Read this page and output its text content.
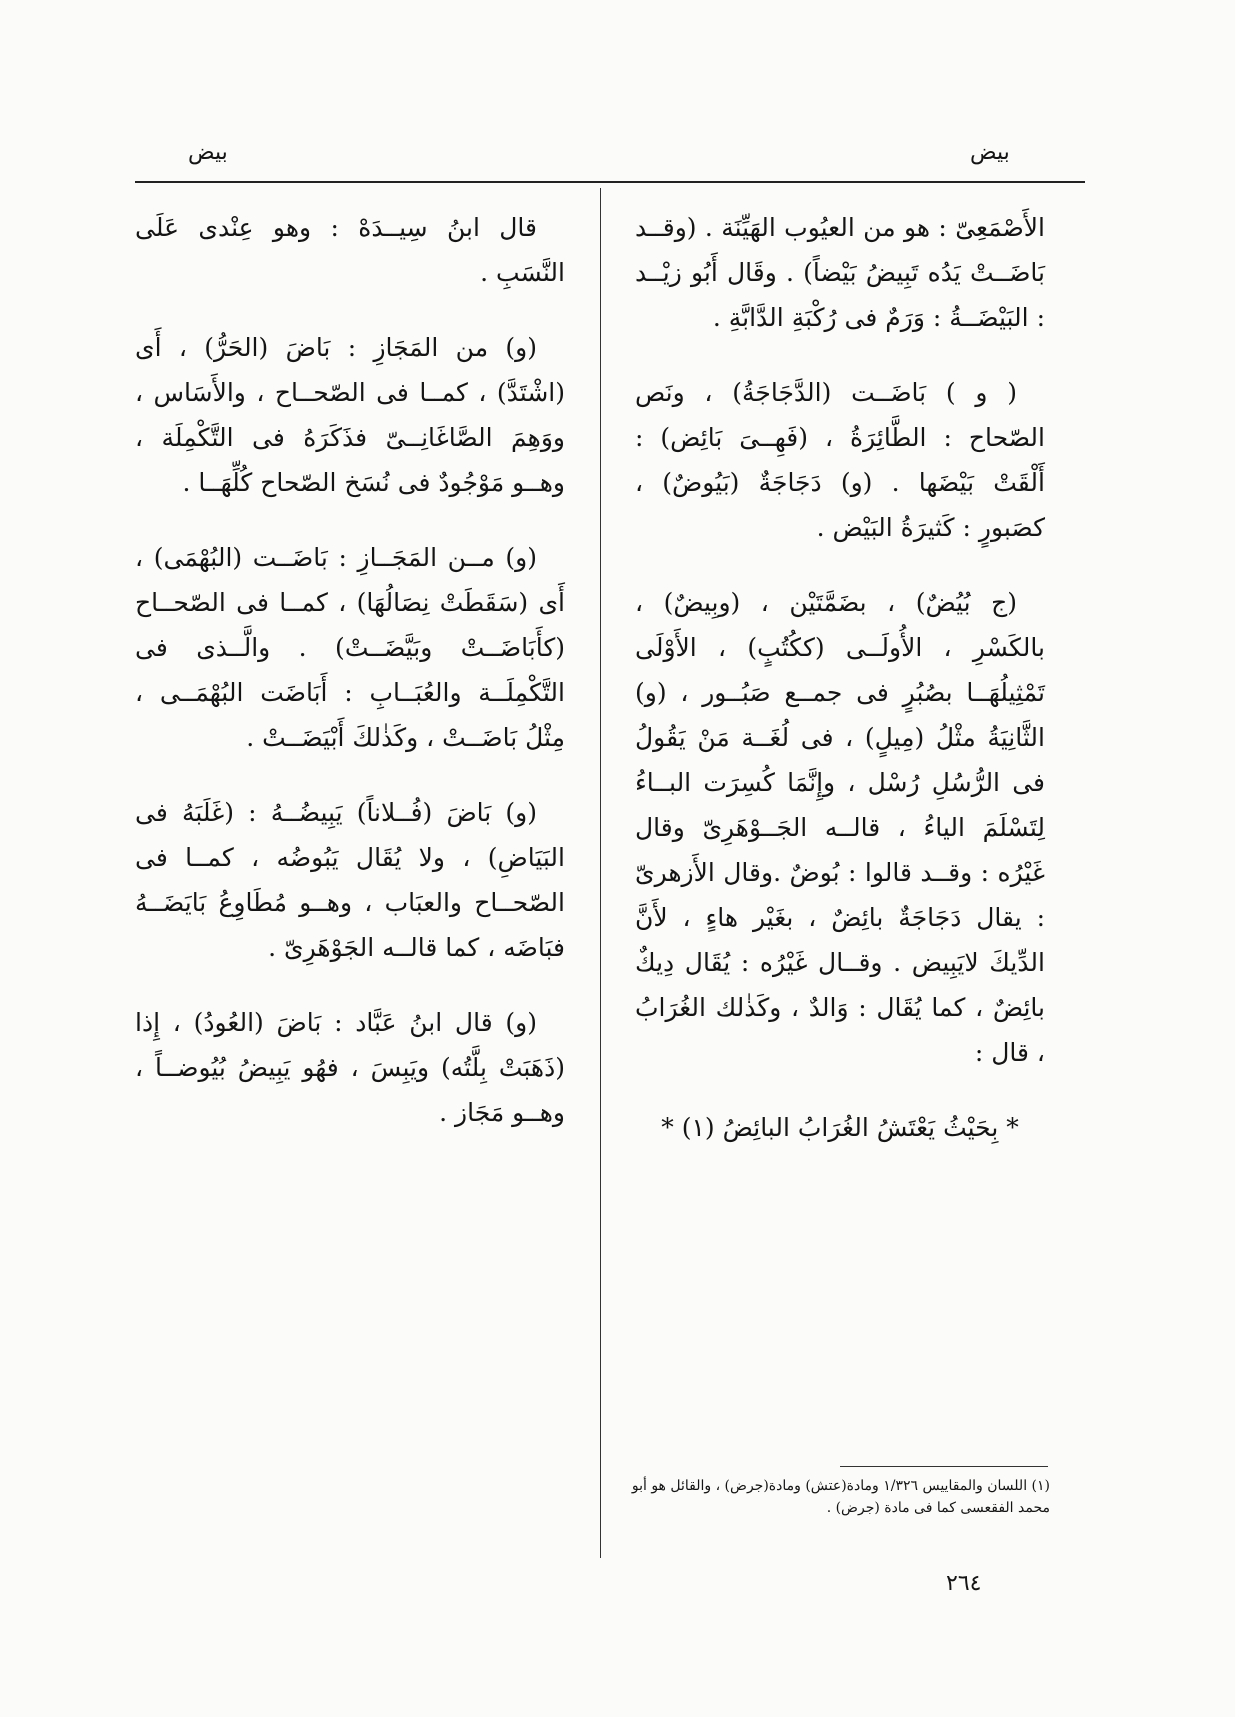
بيض
بيض

الأَصْمَعِىّ : هو من العيُوب الهَيِّنَة . (وقــد بَاضَــتْ يَدُه تَبِيضُ بَيْضاً) . وقَال أَبُو زيْــد : البَيْضَــةُ : وَرَمٌ فى رُكْبَةِ الدَّابَّةِ .

( و ) بَاضَــت (الدَّجَاجَةُ) ، ونَص الصّحاح : الطَّائِرَةُ ، (فَهِــىَ بَائِض) : أَلْقَتْ بَيْضَها . (و) دَجَاجَةٌ (بَيُوضٌ) ، كصَبورٍ : كَثيرَةُ البَيْض .

(ج بُيُضٌ) ، بضَمَّتَيْن ، (وبِيضٌ) ، بالكَسْرِ ، الأُولَــى (ككُتُبٍ) ، الأَوْلَى تَمْثِيلُهَــا بصُبُرٍ فى جمــع صَبُــور ، (و) الثَّانِيَةُ مثْلُ (مِيلٍ) ، فى لُغَــة مَنْ يَقُولُ فى الرُّسُلِ رُسْل ، وإِنَّمَا كُسِرَت البــاءُ لِتَسْلَمَ الياءُ ، قالــه الجَــوْهَرِىّ وقال غَيْرُه : وقــد قالوا : بُوضٌ .وقال الأَزهرىّ : يقال دَجَاجَةٌ بائِضٌ ، بغَيْر هاءٍ ، لأَنَّ الدِّيكَ لايَبِيض . وقــال غَيْرُه : يُقَال دِيكٌ بائِضٌ ، كما يُقَال : وَالدٌ ، وكَذٰلك الغُرَابُ ، قال :

* بِحَيْثُ يَعْتَشُ الغُرَابُ البائِضُ (١) *

قال ابنُ سِيــدَهْ : وهو عِنْدى عَلَى النَّسَبِ .

(و) من المَجَازِ : بَاضَ (الحَرُّ) ، أَى (اشْتَدَّ) ، كمــا فى الصّحــاح ، والأَسَاس ، ووَهِمَ الصَّاغَانِــىّ فذَكَرَهُ فى التَّكْمِلَة ، وهــو مَوْجُودٌ فى نُسَخ الصّحاح كُلِّهَــا .

(و) مــن المَجَــازِ : بَاضَــت (البُهْمَى) ، أَى (سَقَطَتْ نِصَالُهَا) ، كمــا فى الصّحــاح (كأَبَاضَــتْ وبَيَّضَــتْ) . والَّــذى فى التَّكْمِلَــة والعُبَــابِ : أَبَاضَت البُهْمَــى ، مِثْلُ بَاضَــتْ ، وكَذٰلكَ أَبْيَضَــتْ .

(و) بَاضَ (فُــلاناً) يَبِيضُــهُ : (غَلَبَهُ فى البَيَاضِ) ، ولا يُقَال يَبُوضُه ، كمــا فى الصّحــاح والعبَاب ، وهــو مُطَاوِعُ بَايَضَــهُ فبَاضَه ، كما قالــه الجَوْهَرِىّ .

(و) قال ابنُ عَبَّاد : بَاضَ (العُودُ) ، إِذا (ذَهَبَتْ بِلَّتُه) ويَبِسَ ، فهُو يَبِيضُ بُيُوضــاً ، وهــو مَجَاز .

(١) اللسان والمقاييس ١/٣٢٦ ومادة(عتش) ومادة(جرض) ، والقائل هو أبو محمد الفقعسى كما فى مادة (جرض) .
٢٦٤
